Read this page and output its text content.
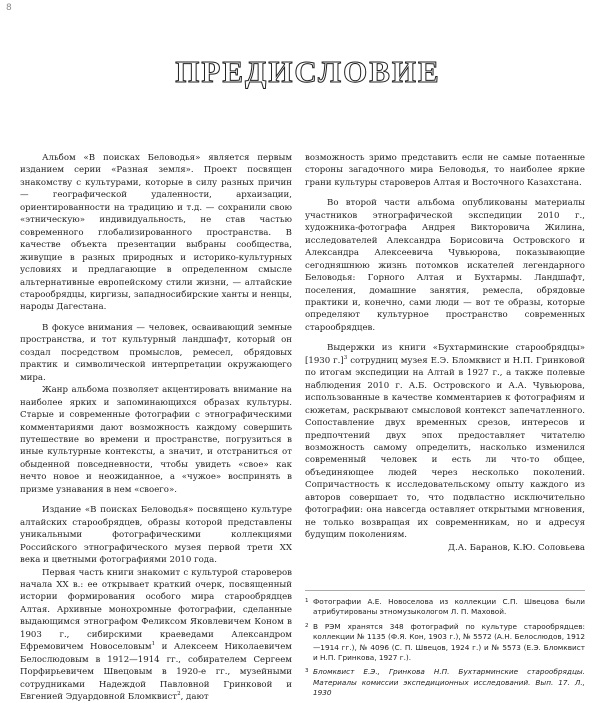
8
ПРЕДИСЛОВИЕ

Альбом «В поисках Беловодья» является первым изданием серии «Разная земля». Проект посвящен знакомству с культурами, которые в силу разных причин — географической удаленности, архаизации, ориентированности на традицию и т.д. — сохранили свою «этническую» индивидуальность, не став частью современного глобализированного пространства. В качестве объекта презентации выбраны сообщества, живущие в разных природных и историко-культурных условиях и предлагающие в определенном смысле альтернативные европейскому стили жизни, — алтайские старообрядцы, киргизы, западносибирские ханты и ненцы, народы Дагестана.

В фокусе внимания — человек, осваивающий земные пространства, и тот культурный ландшафт, который он создал посредством промыслов, ремесел, обрядовых практик и символической интерпретации окружающего мира.

Жанр альбома позволяет акцентировать внимание на наиболее ярких и запоминающихся образах культуры. Старые и современные фотографии с этнографическими комментариями дают возможность каждому совершить путешествие во времени и пространстве, погрузиться в иные культурные контексты, а значит, и отстраниться от обыденной повседневности, чтобы увидеть «свое» как нечто новое и неожиданное, а «чужое» воспринять в призме узнавания в нем «своего».

Издание «В поисках Беловодья» посвящено культуре алтайских старообрядцев, образы которой представлены уникальными фотографическими коллекциями Российского этнографического музея первой трети XX века и цветными фотографиями 2010 года.

Первая часть книги знакомит с культурой староверов начала XX в.: ее открывает краткий очерк, посвященный истории формирования особого мира старообрядцев Алтая. Архивные монохромные фотографии, сделанные выдающимся этнографом Феликсом Яковлевичем Коном в 1903 г., сибирскими краеведами Александром Ефремовичем Новоселовым$^1$ и Алексеем Николаевичем Белослюдовым в 1912—1914 гг., собирателем Сергеем Порфирьевичем Швецовым в 1920-е гг., музейными сотрудниками Надеждой Павловной Гринковой и Евгенией Эдуардовной Бломквист$^2$, дают

возможность зримо представить если не самые потаенные стороны загадочного мира Беловодья, то наиболее яркие грани культуры староверов Алтая и Восточного Казахстана.

Во второй части альбома опубликованы материалы участников этнографической экспедиции 2010 г., художника-фотографа Андрея Викторовича Жилина, исследователей Александра Борисовича Островского и Александра Алексеевича Чувьюрова, показывающие сегодняшнюю жизнь потомков искателей легендарного Беловодья: Горного Алтая и Бухтармы. Ландшафт, поселения, домашние занятия, ремесла, обрядовые практики и, конечно, сами люди — вот те образы, которые определяют культурное пространство современных старообрядцев.

Выдержки из книги «Бухтарминские старообрядцы» [1930 г.]$^3$ сотрудниц музея Е.Э. Бломквист и Н.П. Гринковой по итогам экспедиции на Алтай в 1927 г., а также полевые наблюдения 2010 г. А.Б. Островского и А.А. Чувьюрова, использованные в качестве комментариев к фотографиям и сюжетам, раскрывают смысловой контекст запечатленного. Сопоставление двух временных срезов, интересов и предпочтений двух эпох предоставляет читателю возможность самому определить, насколько изменился современный человек и есть ли что-то общее, объединяющее людей через несколько поколений. Сопричастность к исследовательскому опыту каждого из авторов совершает то, что подвластно исключительно фотографии: она навсегда оставляет открытыми мгновения, не только возвращая их современникам, но и адресуя будущим поколениям.

Д.А. Баранов, К.Ю. Соловьева

1 Фотографии А.Е. Новоселова из коллекции С.П. Швецова были атрибутированы этномузыкологом Л. П. Маховой.
2 В РЭМ хранятся 348 фотографий по культуре старообрядцев: коллекции № 1135 (Ф.Я. Кон, 1903 г.), № 5572 (А.Н. Белослюдов, 1912—1914 гг.), № 4096 (С. П. Швецов, 1924 г.) и № 5573 (Е.Э. Бломквист и Н.П. Гринкова, 1927 г.).
3 Бломквист Е.Э., Гринкова Н.П. Бухтарминские старообрядцы. Материалы комиссии экспедиционных исследований. Вып. 17. Л., 1930
